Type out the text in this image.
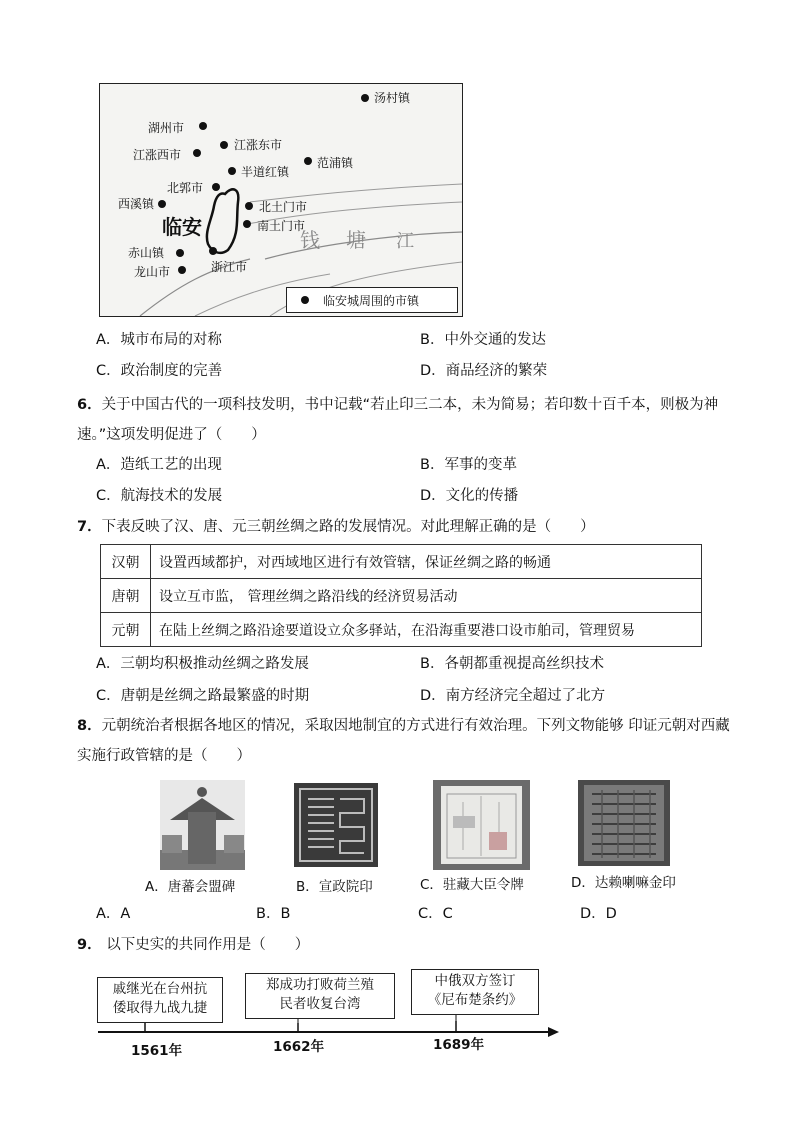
汤村镇
湖州市
江涨东市
江涨西市
范浦镇
半道红镇
北郭市
西溪镇	北土门市
临安	南土门市
钱 塘 江
赤山镇
浙江市
龙山市
临安城周围的市镇
A．城市布局的对称	B．中外交通的发达
C．政治制度的完善	D．商品经济的繁荣
6．关于中国古代的一项科技发明，书中记载“若止印三二本，未为简易；若印数十百千本，则极为神
速。”这项发明促进了（　　）
A．造纸工艺的出现	B．军事的变革
C．航海技术的发展	D．文化的传播
7．下表反映了汉、唐、元三朝丝绸之路的发展情况。对此理解正确的是（　　）
汉朝	设置西域都护，对西域地区进行有效管辖，保证丝绸之路的畅通
唐朝	设立互市监， 管理丝绸之路沿线的经济贸易活动
元朝	在陆上丝绸之路沿途要道设立众多驿站，在沿海重要港口设市舶司，管理贸易
A．三朝均积极推动丝绸之路发展	B．各朝都重视提高丝织技术
C．唐朝是丝绸之路最繁盛的时期	D．南方经济完全超过了北方
8．元朝统治者根据各地区的情况，采取因地制宜的方式进行有效治理。下列文物能够 印证元朝对西藏
实施行政管辖的是（　　）
A．唐蕃会盟碑	B．宣政院印	C．驻藏大臣令牌	D．达赖喇嘛金印
A．A	B．B	C．C	D．D
9． 以下史实的共同作用是（　　）
戚继光在台州抗
倭取得九战九捷
郑成功打败荷兰殖
民者收复台湾
中俄双方签订
《尼布楚条约》
1561年	1662年	1689年
